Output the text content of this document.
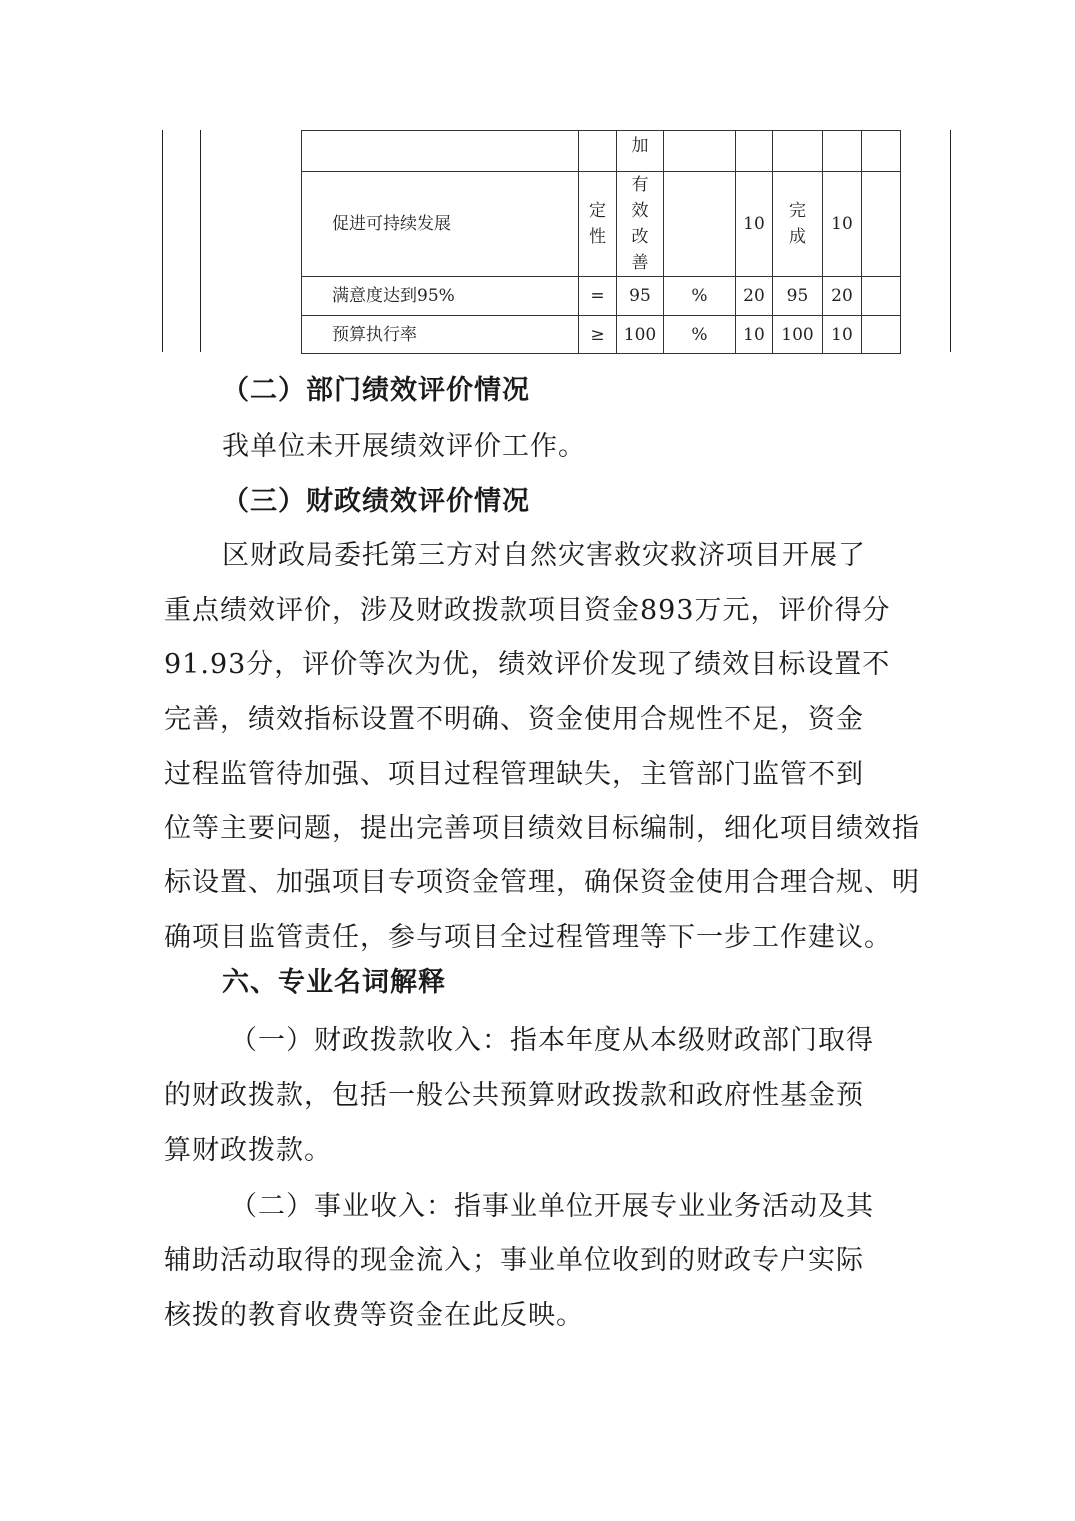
		加						
促进可持续发展	定性	有效改善		10	完成	10		
满意度达到95%	=	95	%	20	95	20		
预算执行率	≥	100	%	10	100	10		

（二）部门绩效评价情况

我单位未开展绩效评价工作。

（三）财政绩效评价情况

区财政局委托第三方对自然灾害救灾救济项目开展了

重点绩效评价，涉及财政拨款项目资金893万元，评价得分

91.93分，评价等次为优，绩效评价发现了绩效目标设置不

完善，绩效指标设置不明确、资金使用合规性不足，资金

过程监管待加强、项目过程管理缺失，主管部门监管不到

位等主要问题，提出完善项目绩效目标编制，细化项目绩效指

标设置、加强项目专项资金管理，确保资金使用合理合规、明

确项目监管责任，参与项目全过程管理等下一步工作建议。

六、专业名词解释

（一）财政拨款收入：指本年度从本级财政部门取得

的财政拨款，包括一般公共预算财政拨款和政府性基金预

算财政拨款。

（二）事业收入：指事业单位开展专业业务活动及其

辅助活动取得的现金流入；事业单位收到的财政专户实际

核拨的教育收费等资金在此反映。
